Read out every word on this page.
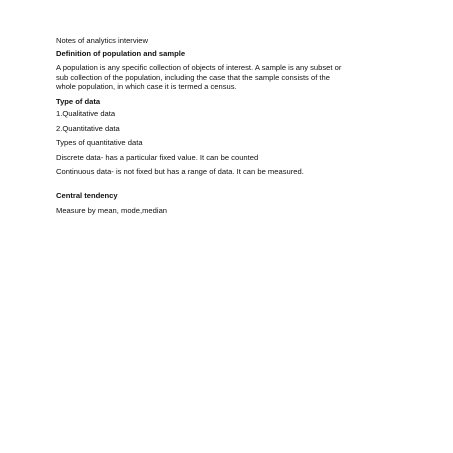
Notes of analytics interview

Definition of population and sample

A population is any specific collection of objects of interest. A sample is any subset or
sub collection of the population, including the case that the sample consists of the
whole population, in which case it is termed a census.

Type of data

1.Qualitative data

2.Quantitative data

Types of quantitative data

Discrete data- has a particular fixed value. It can be counted

Continuous data- is not fixed but has a range of data. It can be measured.

Central tendency

Measure by mean, mode,median
